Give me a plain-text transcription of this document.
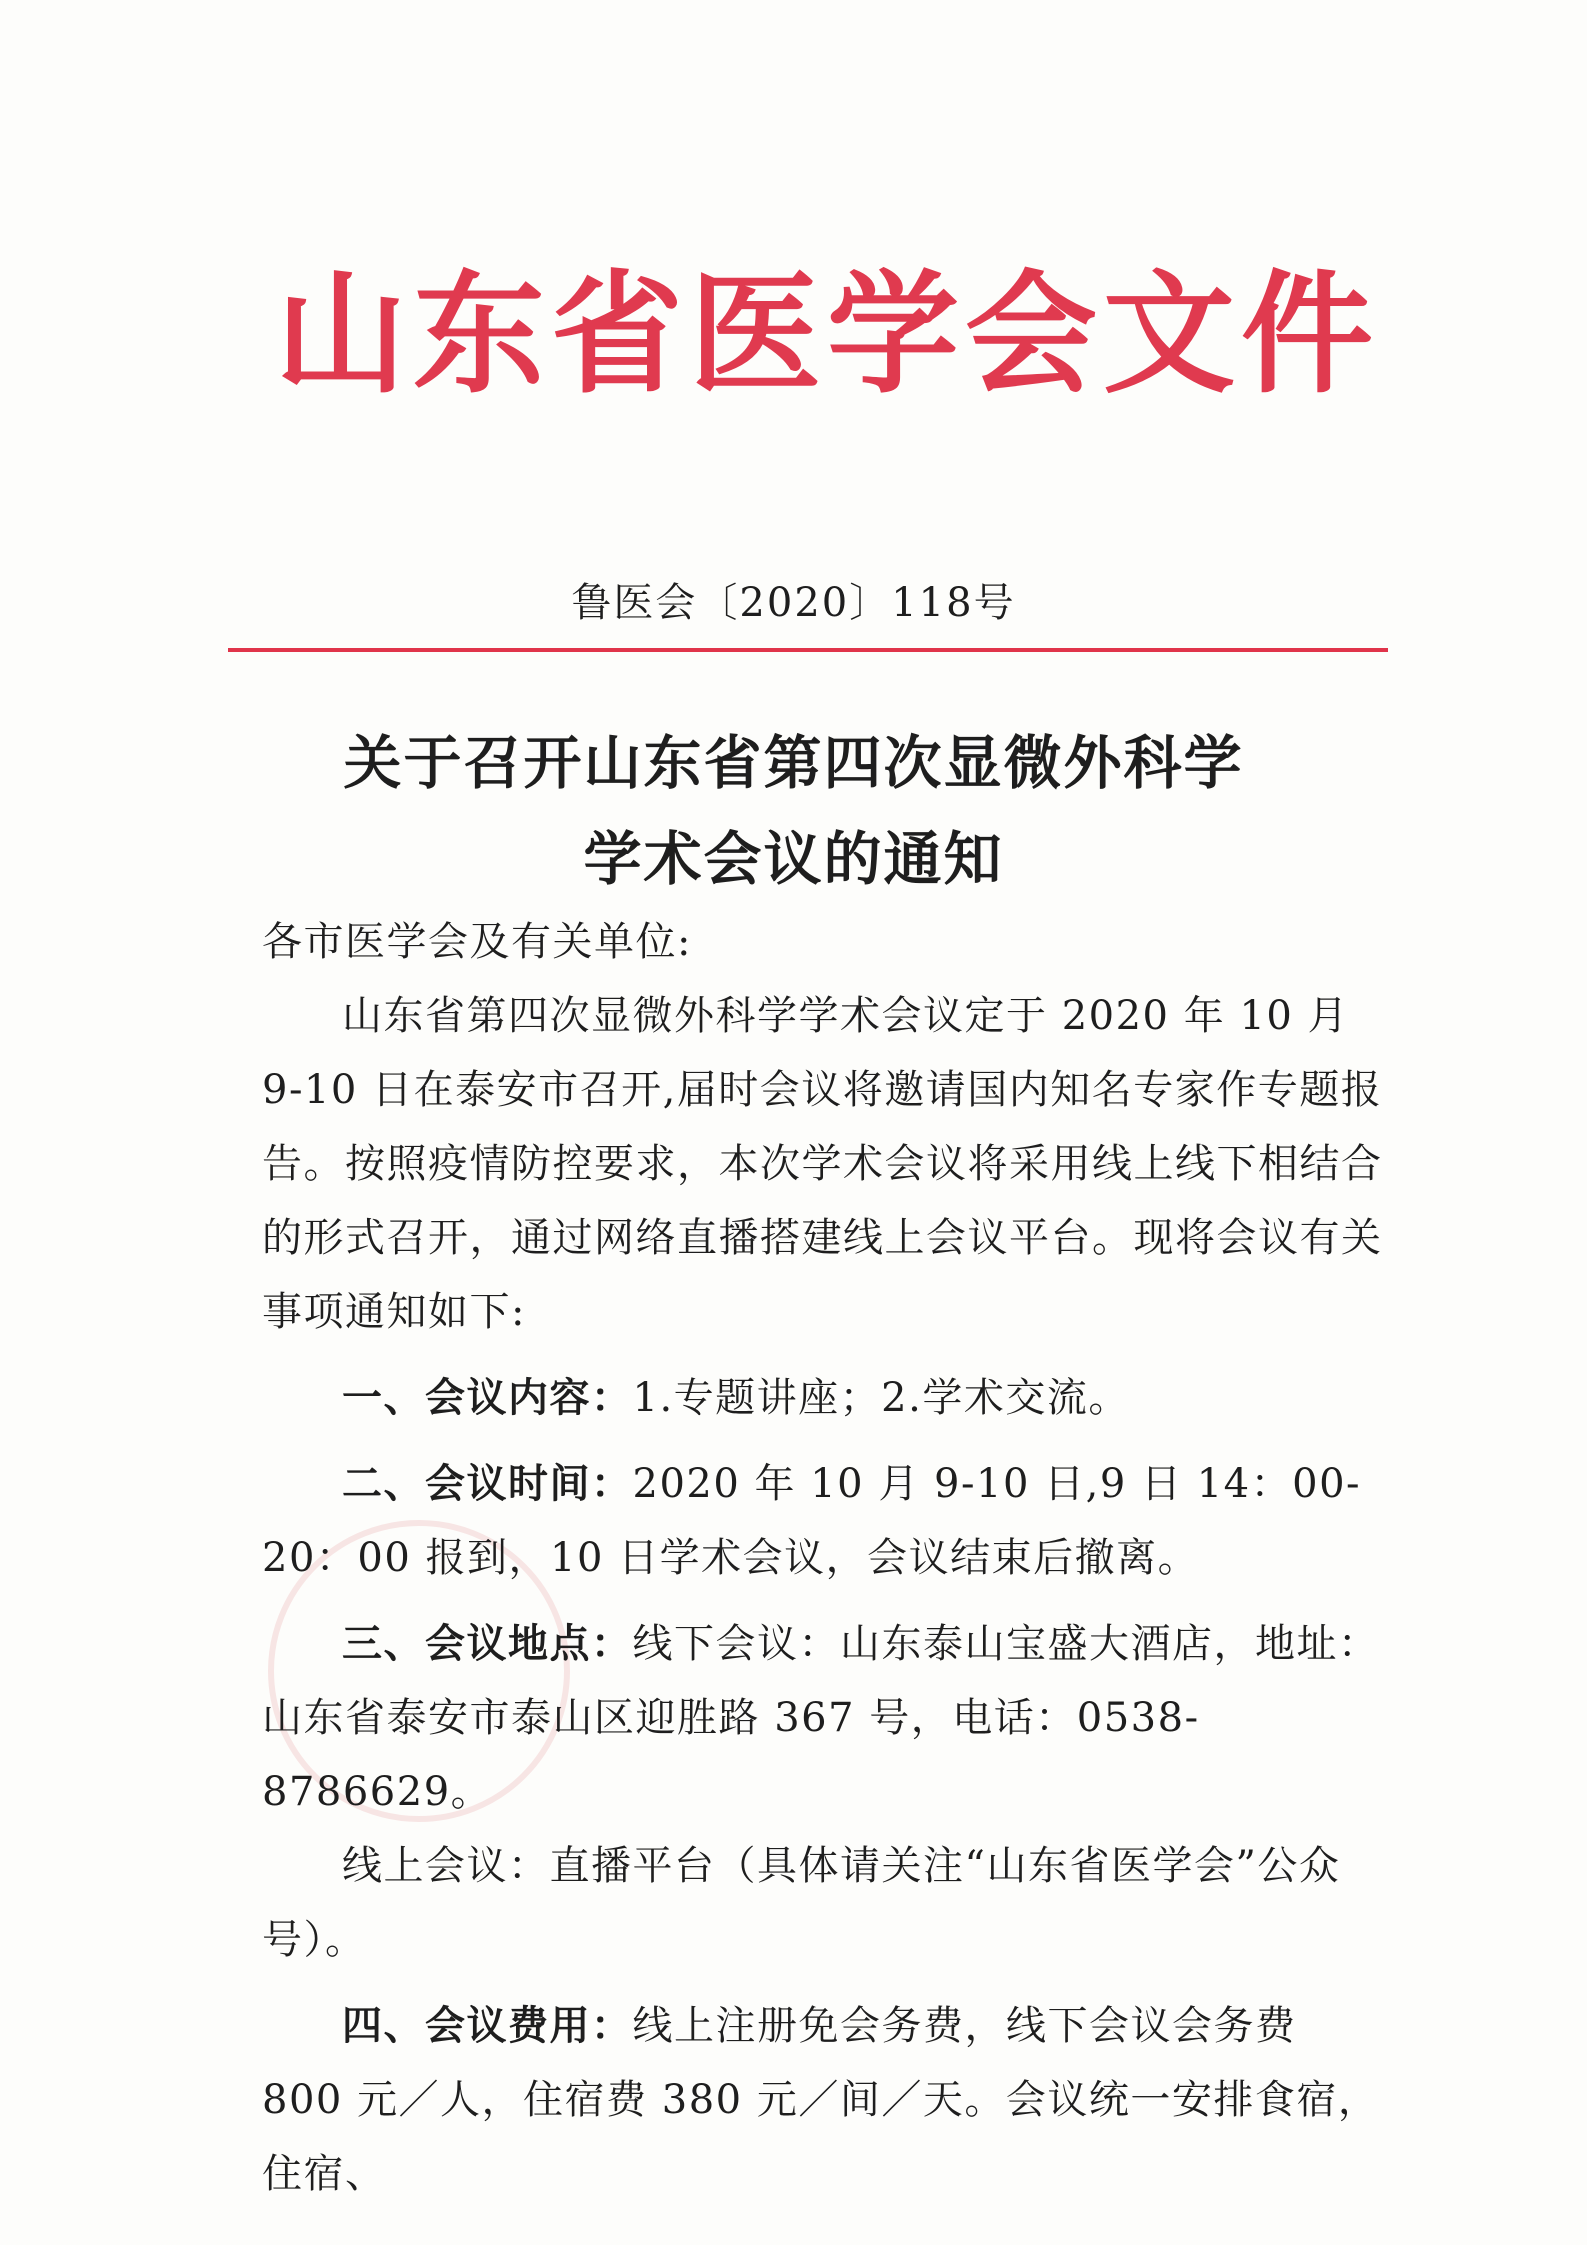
山东省医学会文件
鲁医会〔2020〕118号
关于召开山东省第四次显微外科学
学术会议的通知

各市医学会及有关单位:

山东省第四次显微外科学学术会议定于 2020 年 10 月 9-10 日在泰安市召开,届时会议将邀请国内知名专家作专题报告。按照疫情防控要求，本次学术会议将采用线上线下相结合的形式召开，通过网络直播搭建线上会议平台。现将会议有关事项通知如下:

一、会议内容：1.专题讲座；2.学术交流。

二、会议时间：2020 年 10 月 9-10 日,9 日 14：00-20：00 报到，10 日学术会议，会议结束后撤离。

三、会议地点：线下会议：山东泰山宝盛大酒店，地址：山东省泰安市泰山区迎胜路 367 号，电话：0538-8786629。

线上会议：直播平台（具体请关注“山东省医学会”公众号）。

四、会议费用：线上注册免会务费，线下会议会务费 800 元／人，住宿费 380 元／间／天。会议统一安排食宿，住宿、
